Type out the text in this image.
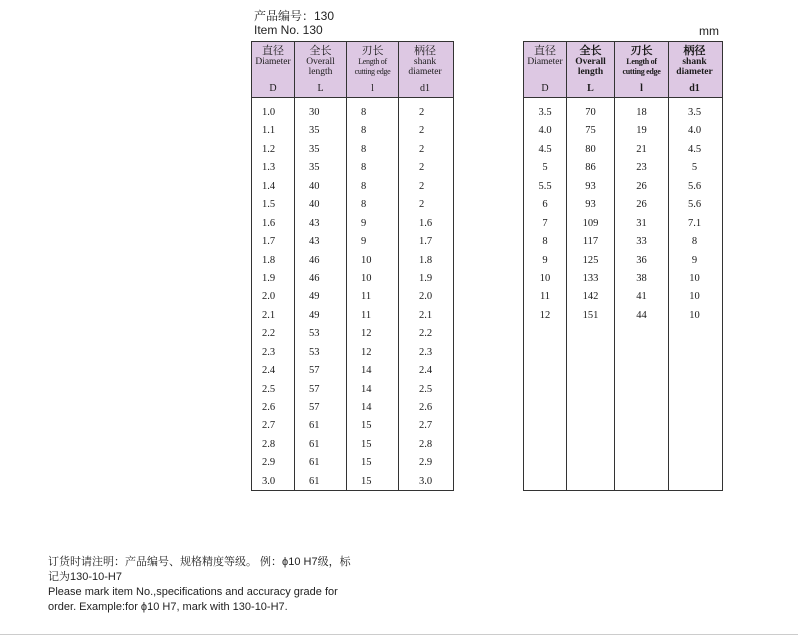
产品编号：130
Item No. 130	mm
直径
Diameter
D
全长
Overall
length
L
刃长
Length of
cutting edge
l
柄径
shank
diameter
d1
1.0
1.1
1.2
1.3
1.4
1.5
1.6
1.7
1.8
1.9
2.0
2.1
2.2
2.3
2.4
2.5
2.6
2.7
2.8
2.9
3.0
30
35
35
35
40
40
43
43
46
46
49
49
53
53
57
57
57
61
61
61
61
8
8
8
8
8
8
9
9
10
10
11
11
12
12
14
14
14
15
15
15
15
2
2
2
2
2
2
1.6
1.7
1.8
1.9
2.0
2.1
2.2
2.3
2.4
2.5
2.6
2.7
2.8
2.9
3.0
直径
Diameter
D
全长
Overall
length
L
刃长
Length of
cutting edge
l
柄径
shank
diameter
d1
3.5
4.0
4.5
5
5.5
6
7
8
9
10
11
12
70
75
80
86
93
93
109
117
125
133
142
151
18
19
21
23
26
26
31
33
36
38
41
44
3.5
4.0
4.5
5
5.6
5.6
7.1
8
9
10
10
10
订货时请注明：产品编号、规格精度等级。 例：ϕ10 H7级，标
记为130-10-H7
Please mark item No.,specifications and accuracy grade for
order. Example:for ϕ10 H7, mark with 130-10-H7.
